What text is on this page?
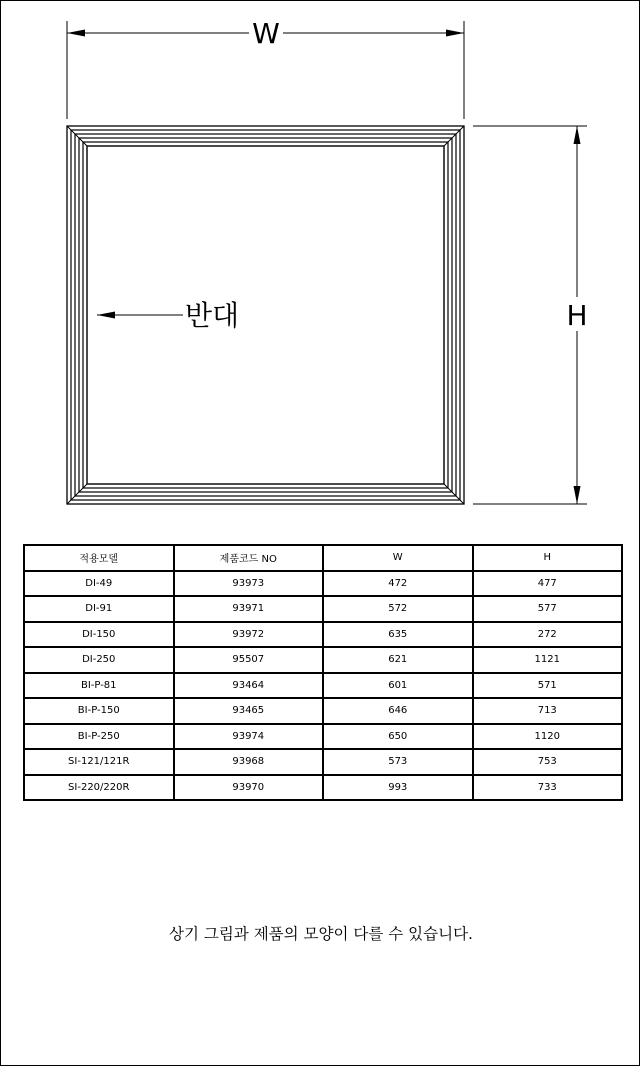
W
반대	H
적용모델	제품코드 NO	W	H
DI-49	93973	472	477
DI-91	93971	572	577
DI-150	93972	635	272
DI-250	95507	621	1121
BI-P-81	93464	601	571
BI-P-150	93465	646	713
BI-P-250	93974	650	1120
SI-121/121R	93968	573	753
SI-220/220R	93970	993	733
상기 그림과 제품의 모양이 다를 수 있습니다.
